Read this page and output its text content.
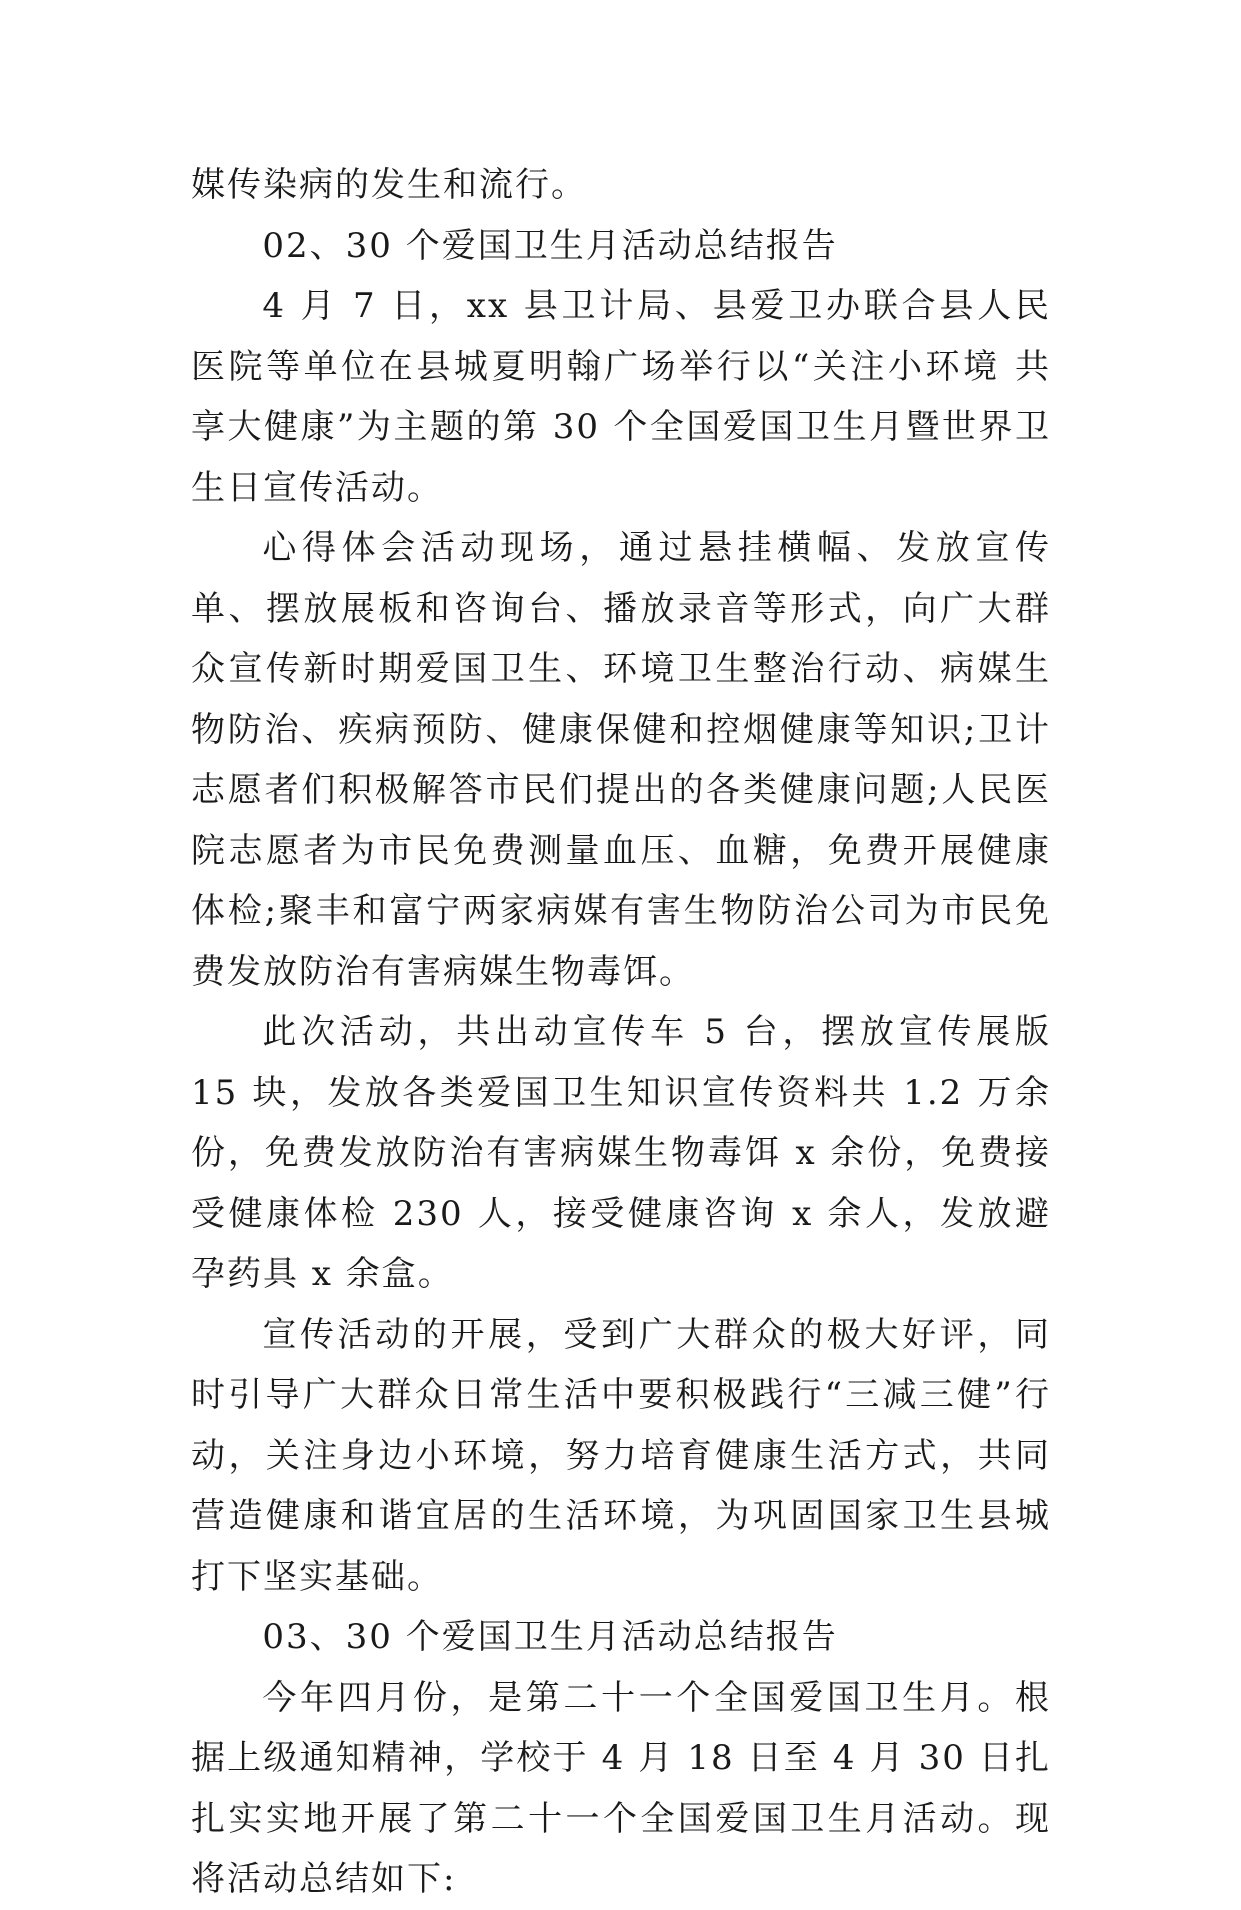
媒传染病的发生和流行。

02、30 个爱国卫生月活动总结报告

4 月 7 日，xx 县卫计局、县爱卫办联合县人民医院等单位在县城夏明翰广场举行以“关注小环境 共享大健康”为主题的第 30 个全国爱国卫生月暨世界卫生日宣传活动。

心得体会活动现场，通过悬挂横幅、发放宣传单、摆放展板和咨询台、播放录音等形式，向广大群众宣传新时期爱国卫生、环境卫生整治行动、病媒生物防治、疾病预防、健康保健和控烟健康等知识;卫计志愿者们积极解答市民们提出的各类健康问题;人民医院志愿者为市民免费测量血压、血糖，免费开展健康体检;聚丰和富宁两家病媒有害生物防治公司为市民免费发放防治有害病媒生物毒饵。

此次活动，共出动宣传车 5 台，摆放宣传展版 15 块，发放各类爱国卫生知识宣传资料共 1.2 万余份，免费发放防治有害病媒生物毒饵 x 余份，免费接受健康体检 230 人，接受健康咨询 x 余人，发放避孕药具 x 余盒。

宣传活动的开展，受到广大群众的极大好评，同时引导广大群众日常生活中要积极践行“三减三健”行动，关注身边小环境，努力培育健康生活方式，共同营造健康和谐宜居的生活环境，为巩固国家卫生县城打下坚实基础。

03、30 个爱国卫生月活动总结报告

今年四月份，是第二十一个全国爱国卫生月。根据上级通知精神，学校于 4 月 18 日至 4 月 30 日扎扎实实地开展了第二十一个全国爱国卫生月活动。现将活动总结如下:
